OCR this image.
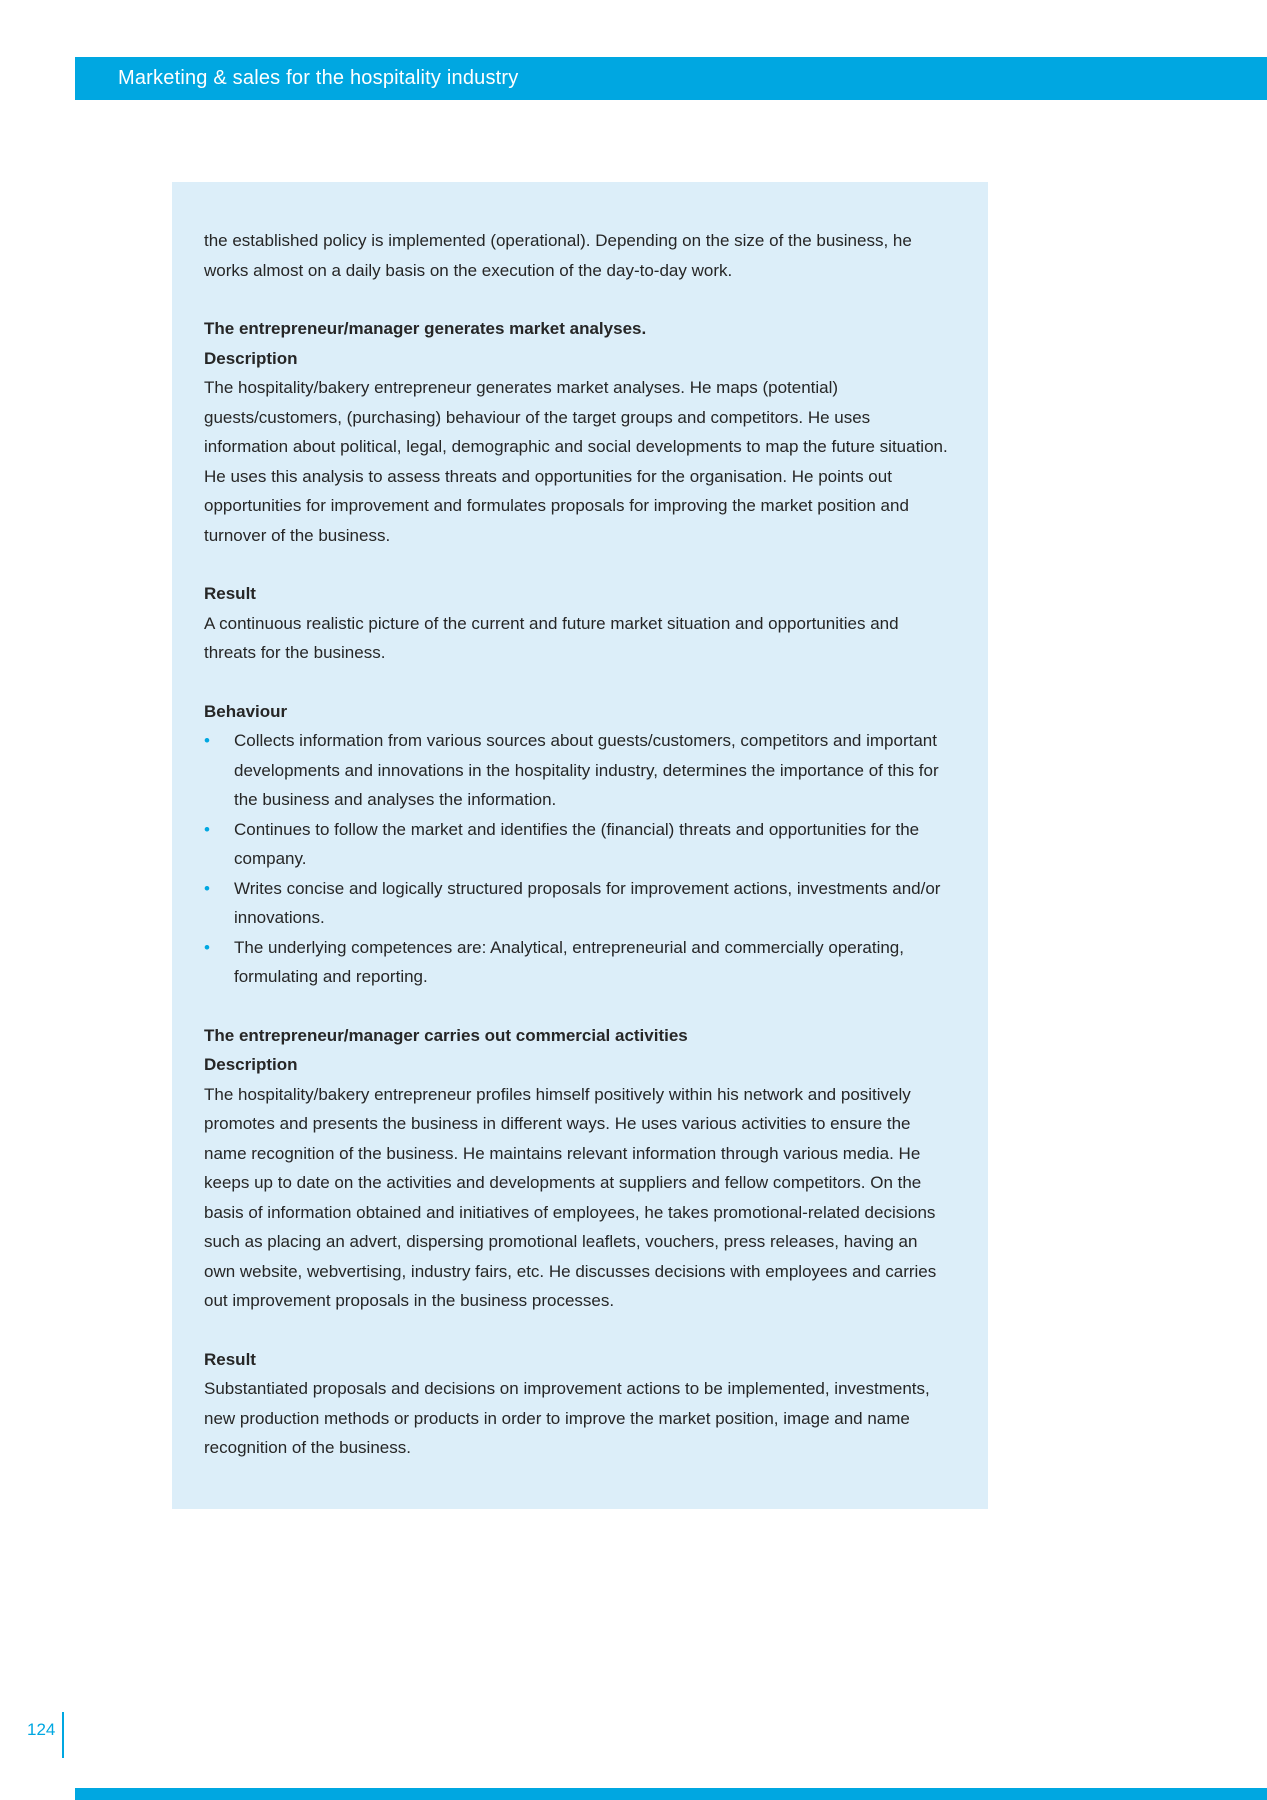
Marketing & sales for the hospitality industry

the established policy is implemented (operational). Depending on the size of the business, he works almost on a daily basis on the execution of the day-to-day work.

The entrepreneur/manager generates market analyses.
Description

The hospitality/bakery entrepreneur generates market analyses. He maps (potential) guests/customers, (purchasing) behaviour of the target groups and competitors. He uses information about political, legal, demographic and social developments to map the future situation. He uses this analysis to assess threats and opportunities for the organisation. He points out opportunities for improvement and formulates proposals for improving the market position and turnover of the business.

Result

A continuous realistic picture of the current and future market situation and opportunities and threats for the business.

Behaviour
•	Collects information from various sources about guests/customers, competitors and important developments and innovations in the hospitality industry, determines the importance of this for the business and analyses the information.
•	Continues to follow the market and identifies the (financial) threats and opportunities for the company.
•	Writes concise and logically structured proposals for improvement actions, investments and/or innovations.
•	The underlying competences are: Analytical, entrepreneurial and commercially operating, formulating and reporting.
The entrepreneur/manager carries out commercial activities
Description

The hospitality/bakery entrepreneur profiles himself positively within his network and positively promotes and presents the business in different ways. He uses various activities to ensure the name recognition of the business. He maintains relevant information through various media. He keeps up to date on the activities and developments at suppliers and fellow competitors. On the basis of information obtained and initiatives of employees, he takes promotional-related decisions such as placing an advert, dispersing promotional leaflets, vouchers, press releases, having an own website, webvertising, industry fairs, etc. He discusses decisions with employees and carries out improvement proposals in the business processes.

Result

Substantiated proposals and decisions on improvement actions to be implemented, investments, new production methods or products in order to improve the market position, image and name recognition of the business.

124
